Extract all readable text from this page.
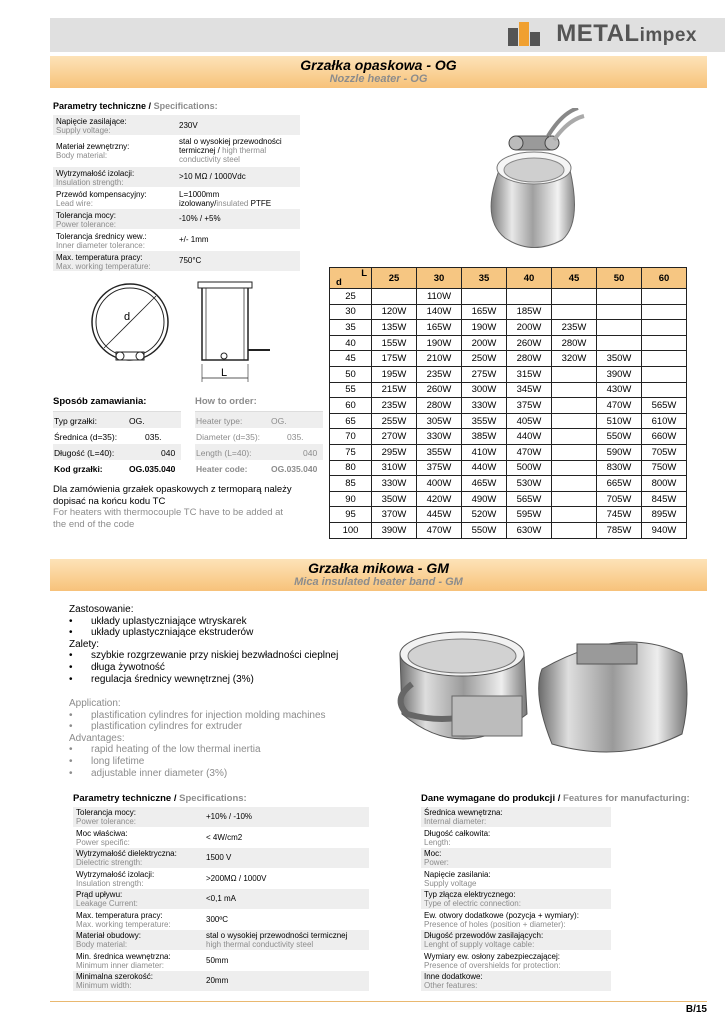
METALimpex
Grzałka opaskowa - OG
Nozzle heater - OG
Parametry techniczne / Specifications:
Napięcie zasilające:
Supply voltage:
230V
Materiał zewnętrzny:
Body material:
stal o wysokiej przewodności
termicznej / high thermal conductivity steel
Wytrzymałość izolacji:
Insulation strength:
>10 MΩ / 1000Vdc
Przewód kompensacyjny:
Lead wire:
L=1000mm
izolowany/insulated PTFE
Tolerancja mocy:
Power tolerance:
-10% / +5%
Tolerancja średnicy wew.:
Inner diameter tolerance:
+/- 1mm
Max. temperatura pracy:
Max. working temperature:
750°C
d
L
Sposób zamawiania:
Typ grzałki:	OG.
Średnica (d=35):	035.
Długość (L=40):	040
Kod grzałki:	OG.035.040
How to order:
Heater type:	OG.
Diameter (d=35):	035.
Length (L=40):	040
Heater code:	OG.035.040
Dla zamówienia grzałek opaskowych z termoparą należy dopisać na końcu kodu TC
For heaters with thermocouple TC have to be added at the end of the code
L
d	25	30	35	40	45	50	60
25		110W					
30	120W	140W	165W	185W			
35	135W	165W	190W	200W	235W		
40	155W	190W	200W	260W	280W		
45	175W	210W	250W	280W	320W	350W	
50	195W	235W	275W	315W		390W	
55	215W	260W	300W	345W		430W	
60	235W	280W	330W	375W		470W	565W
65	255W	305W	355W	405W		510W	610W
70	270W	330W	385W	440W		550W	660W
75	295W	355W	410W	470W		590W	705W
80	310W	375W	440W	500W		830W	750W
85	330W	400W	465W	530W		665W	800W
90	350W	420W	490W	565W		705W	845W
95	370W	445W	520W	595W		745W	895W
100	390W	470W	550W	630W		785W	940W
Grzałka mikowa - GM
Mica insulated heater band - GM
Zastosowanie:
• układy uplastyczniające wtryskarek
• układy uplastyczniające ekstruderów
Zalety:
• szybkie rozgrzewanie przy niskiej bezwładności cieplnej
• długa żywotność
• regulacja średnicy wewnętrznej (3%)
Application:
• plastification cylindres for injection molding machines
• plastification cylindres for extruder
Advantages:
• rapid heating of the low thermal inertia
• long lifetime
• adjustable inner diameter (3%)
Parametry techniczne / Specifications:	Dane wymagane do produkcji / Features for manufacturing:
Tolerancja mocy:
Power tolerance:
+10% / -10%
Moc właściwa:
Power specific:
< 4W/cm2
Wytrzymałość dielektryczna:
Dielectric strength:
1500 V
Wytrzymałość izolacji:
Insulation strength:
>200MΩ / 1000V
Prąd upływu:
Leakage Current:
<0,1 mA
Max. temperatura pracy:
Max. working temperature:
300ºC
Materiał obudowy:
Body material:
stal o wysokiej przewodności termicznej
high thermal conductivity steel
Min. średnica wewnętrzna:
Minimum inner diameter:
50mm
Minimalna szerokość:
Minimum width:
20mm
Średnica wewnętrzna:
Internal diameter:
Długość całkowita:
Length:
Moc:
Power:
Napięcie zasilania:
Supply voltage
Typ złącza elektrycznego:
Type of electric connection:
Ew. otwory dodatkowe (pozycja + wymiary):
Presence of holes (position + diameter):
Długość przewodów zasilających:
Lenght of supply voltage cable:
Wymiary ew. osłony zabezpieczającej:
Presence of overshields for protection:
Inne dodatkowe:
Other features:
B/15
